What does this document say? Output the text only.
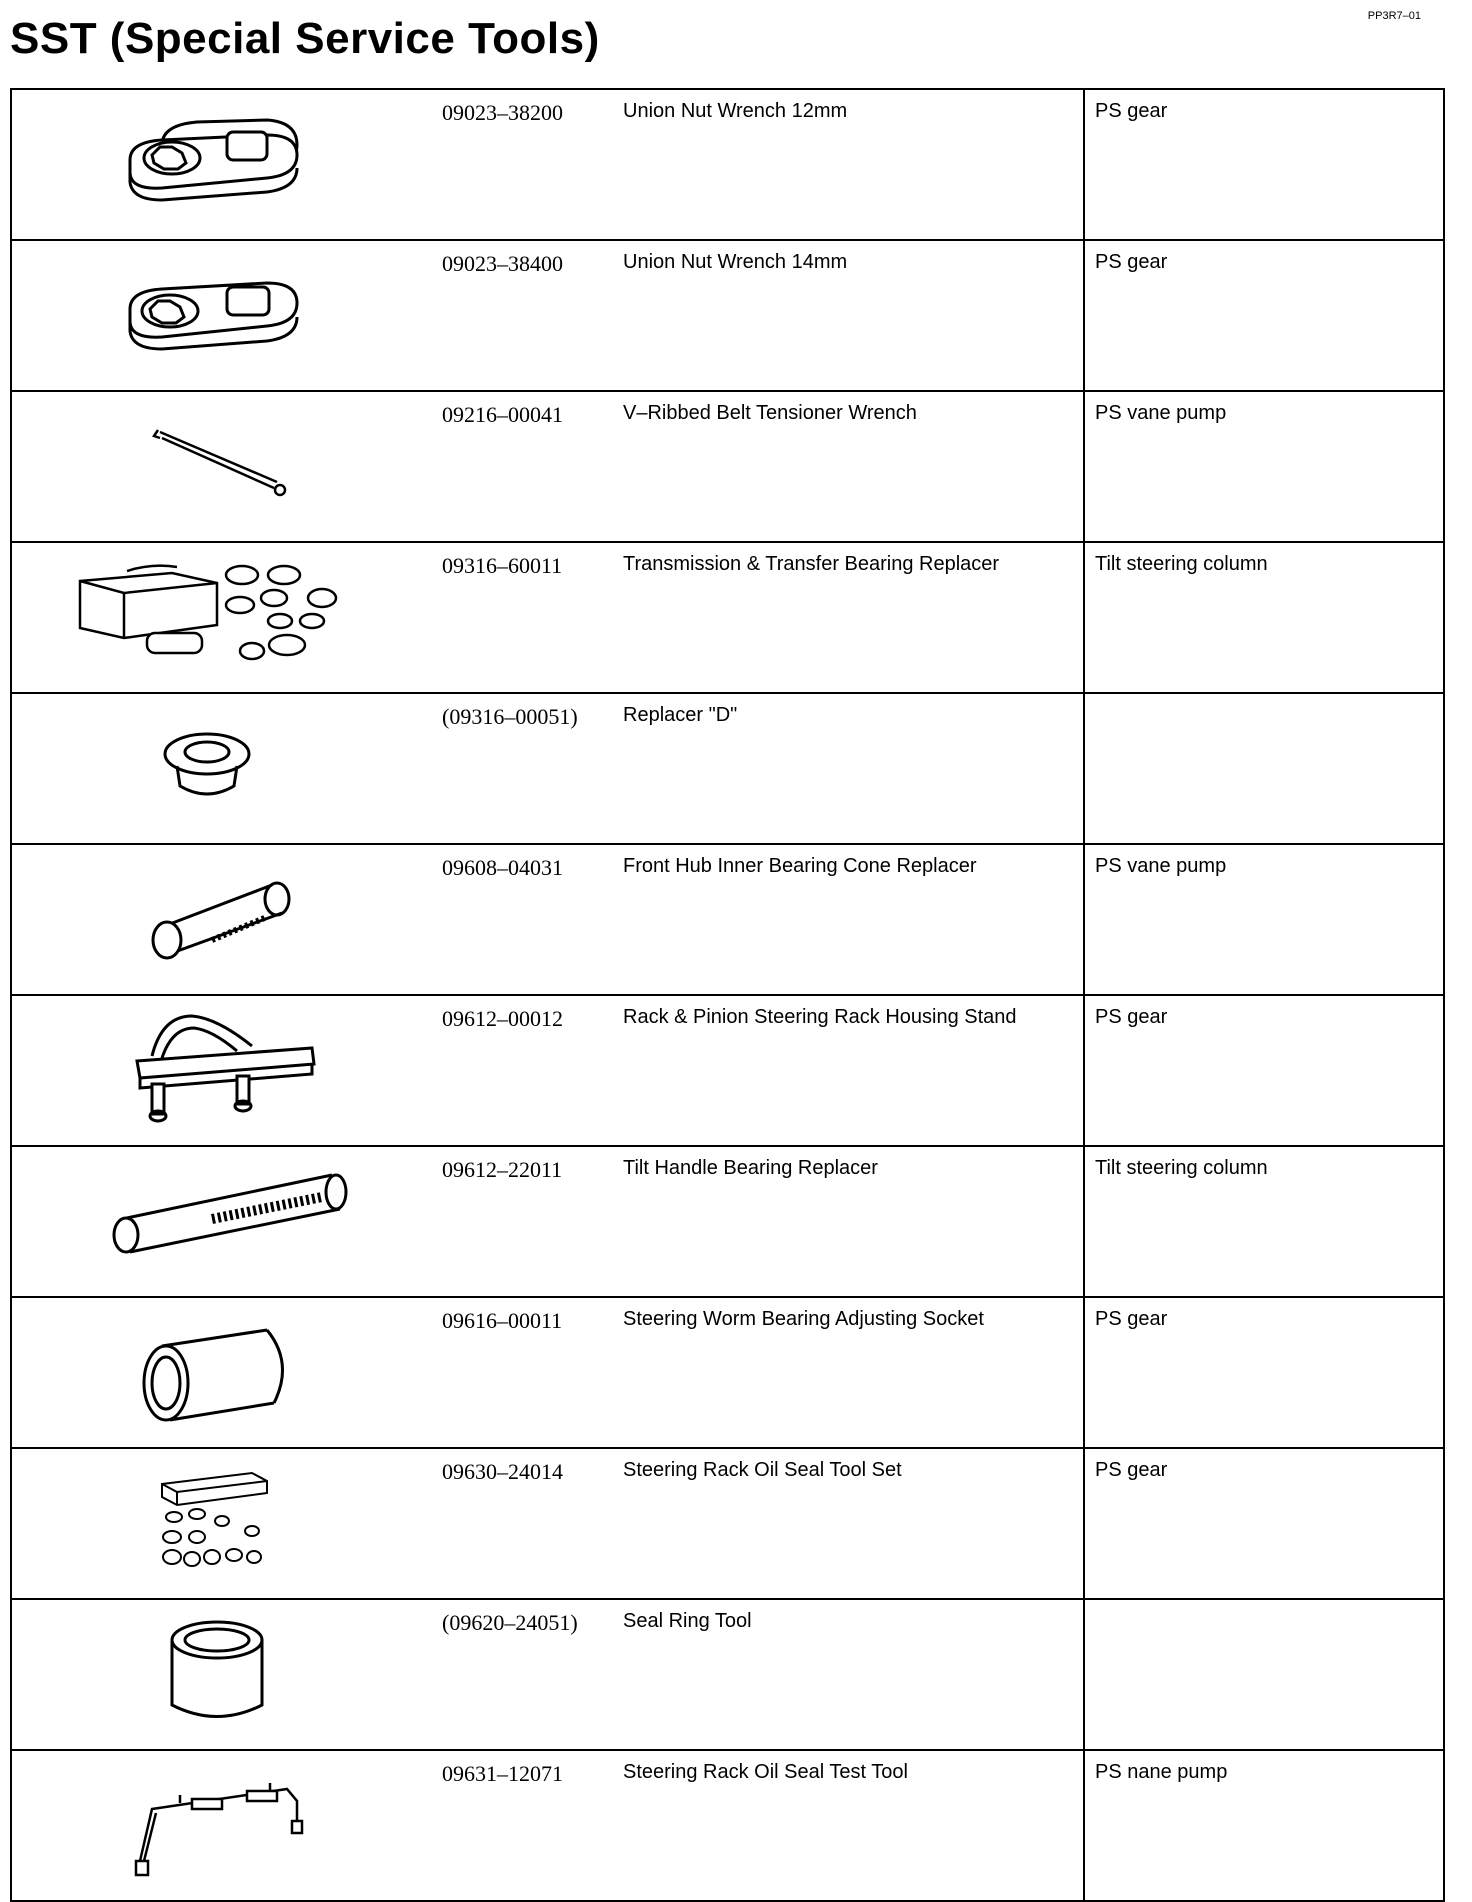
PP3R7–01
SST (Special Service Tools)
	09023–38200	Union Nut Wrench 12mm	PS gear

	09023–38400	Union Nut Wrench 14mm	PS gear

	09216–00041	V–Ribbed Belt Tensioner Wrench	PS vane pump

	09316–60011	Transmission & Transfer Bearing Replacer	Tilt steering column

	(09316–00051)	Replacer "D"	

	09608–04031	Front Hub Inner Bearing Cone Replacer	PS vane pump

	09612–00012	Rack & Pinion Steering Rack Housing Stand	PS gear

	09612–22011	Tilt Handle Bearing Replacer	Tilt steering column

	09616–00011	Steering Worm Bearing Adjusting Socket	PS gear

	09630–24014	Steering Rack Oil Seal Tool Set	PS gear

	(09620–24051)	Seal Ring Tool	

	09631–12071	Steering Rack Oil Seal Test Tool	PS nane pump
